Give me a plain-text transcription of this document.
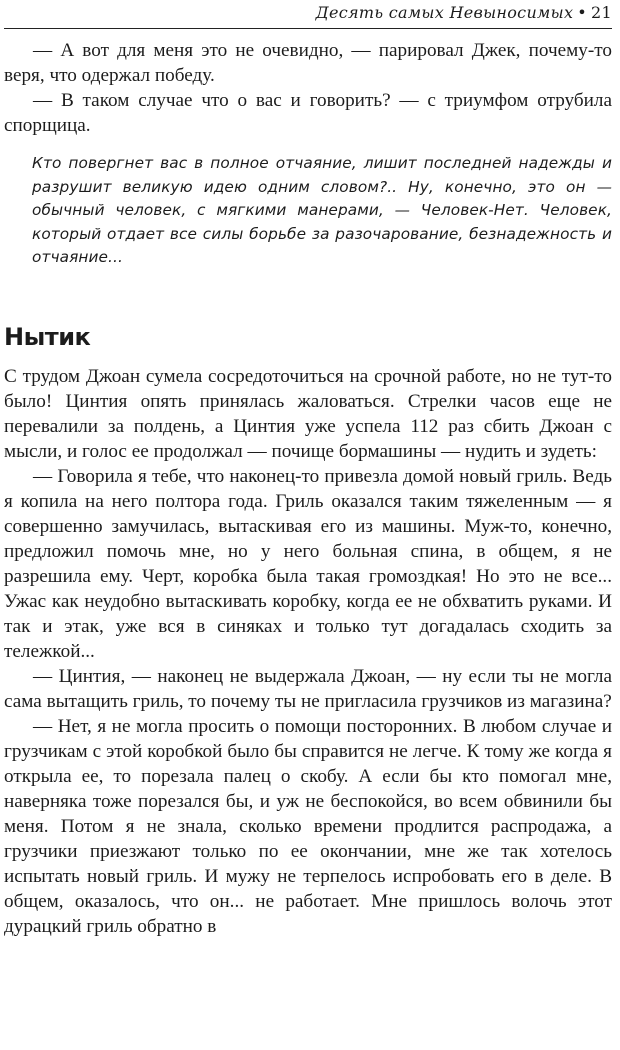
Десять самых Невыносимых • 21

— А вот для меня это не очевидно, — парировал Джек, почему-то веря, что одержал победу.

— В таком случае что о вас и говорить? — с триумфом отрубила спорщица.

Кто повергнет вас в полное отчаяние, лишит последней надежды и разрушит великую идею одним словом?.. Ну, конечно, это он — обычный человек, с мягкими манерами, — Человек-Нет. Человек, который отдает все силы борьбе за разочарование, безнадежность и отчаяние...
Нытик

С трудом Джоан сумела сосредоточиться на срочной работе, но не тут-то было! Цинтия опять принялась жаловаться. Стрелки часов еще не перевалили за полдень, а Цинтия уже успела 112 раз сбить Джоан с мысли, и голос ее продолжал — почище бормашины — нудить и зудеть:

— Говорила я тебе, что наконец-то привезла домой новый гриль. Ведь я копила на него полтора года. Гриль оказался таким тяжеленным — я совершенно замучилась, вытаскивая его из машины. Муж-то, конечно, предложил помочь мне, но у него больная спина, в общем, я не разрешила ему. Черт, коробка была такая громоздкая! Но это не все... Ужас как неудобно вытаскивать коробку, когда ее не обхватить руками. И так и этак, уже вся в синяках и только тут догадалась сходить за тележкой...

— Цинтия, — наконец не выдержала Джоан, — ну если ты не могла сама вытащить гриль, то почему ты не пригласила грузчиков из магазина?

— Нет, я не могла просить о помощи посторонних. В любом случае и грузчикам с этой коробкой было бы справится не легче. К тому же когда я открыла ее, то порезала палец о скобу. А если бы кто помогал мне, наверняка тоже порезался бы, и уж не беспокойся, во всем обвинили бы меня. Потом я не знала, сколько времени продлится распродажа, а грузчики приезжают только по ее окончании, мне же так хотелось испытать новый гриль. И мужу не терпелось испробовать его в деле. В общем, оказалось, что он... не работает. Мне пришлось волочь этот дурацкий гриль обратно в
